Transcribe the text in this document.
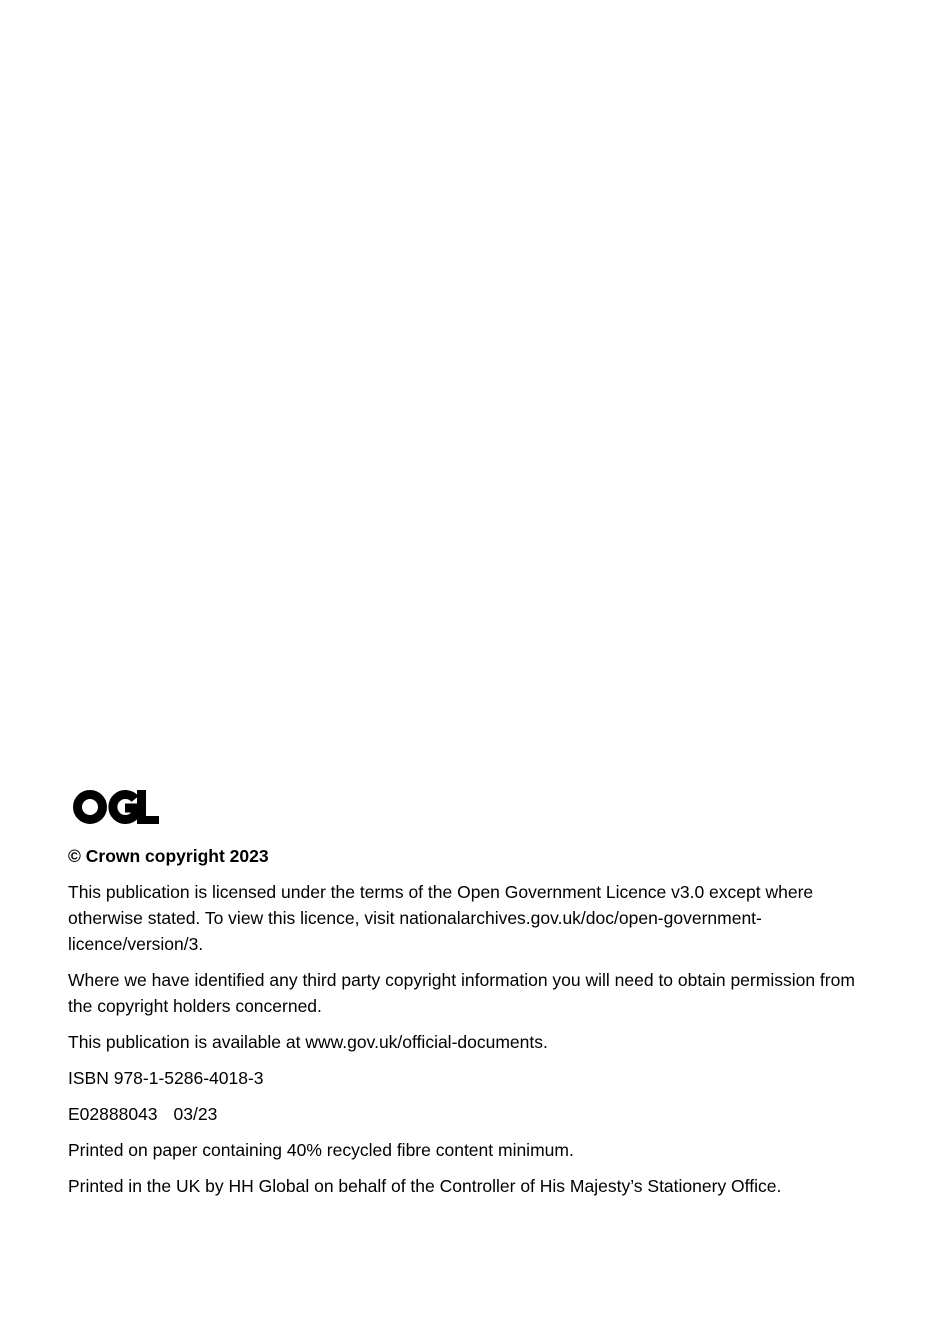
© Crown copyright 2023

This publication is licensed under the terms of the Open Government Licence v3.0 except where otherwise stated. To view this licence, visit nationalarchives.gov.uk/doc/open-government-licence/version/3.

Where we have identified any third party copyright information you will need to obtain permission from the copyright holders concerned.

This publication is available at www.gov.uk/official-documents.

ISBN 978-1-5286-4018-3

E02888043 03/23

Printed on paper containing 40% recycled fibre content minimum.

Printed in the UK by HH Global on behalf of the Controller of His Majesty’s Stationery Office.
